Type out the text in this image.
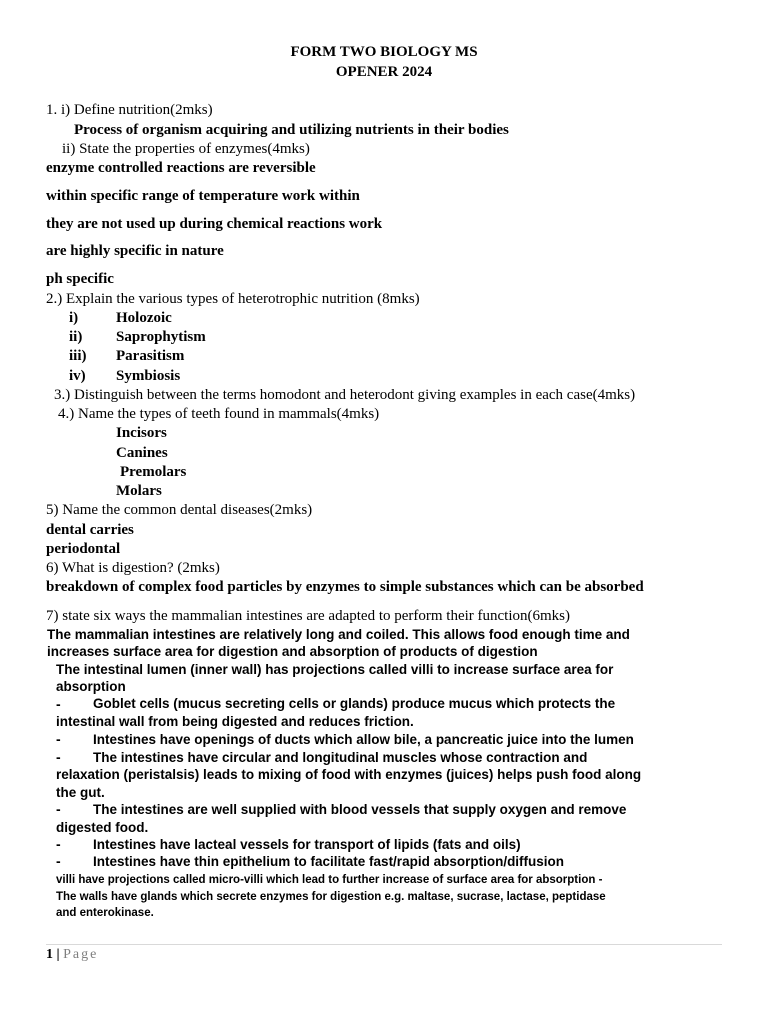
FORM TWO BIOLOGY MS
OPENER 2024
1. i) Define nutrition(2mks)
Process of organism acquiring and utilizing nutrients in their bodies
ii) State the properties of enzymes(4mks)
enzyme controlled reactions are reversible
within specific range of temperature work within
they are not used up during chemical reactions work
are highly specific in nature
ph specific
2.) Explain the various types of heterotrophic nutrition (8mks)
i)	Holozoic
ii) Saprophytism
iii) Parasitism
iv) Symbiosis
3.) Distinguish between the terms homodont and heterodont giving examples in each case(4mks)
4.) Name the types of teeth found in mammals(4mks)
Incisors
Canines
Premolars
Molars
5) Name the common dental diseases(2mks)
dental carries
periodontal
6) What is digestion? (2mks)
breakdown of complex food particles by enzymes to simple substances which can be absorbed
7) state six ways the mammalian intestines are adapted to perform their function(6mks)
The mammalian intestines are relatively long and coiled. This allows food enough time and
increases surface area for digestion and absorption of products of digestion
The intestinal lumen (inner wall) has projections called villi to increase surface area for
absorption
- Goblet cells (mucus secreting cells or glands) produce mucus which protects the
intestinal wall from being digested and reduces friction.
- Intestines have openings of ducts which allow bile, a pancreatic juice into the lumen
- The intestines have circular and longitudinal muscles whose contraction and
relaxation (peristalsis) leads to mixing of food with enzymes (juices) helps push food along
the gut.
- The intestines are well supplied with blood vessels that supply oxygen and remove
digested food.
- Intestines have lacteal vessels for transport of lipids (fats and oils)
- Intestines have thin epithelium to facilitate fast/rapid absorption/diffusion
villi have projections called micro-villi which lead to further increase of surface area for absorption -
The walls have glands which secrete enzymes for digestion e.g. maltase, sucrase, lactase, peptidase
and enterokinase.
1 | Page
